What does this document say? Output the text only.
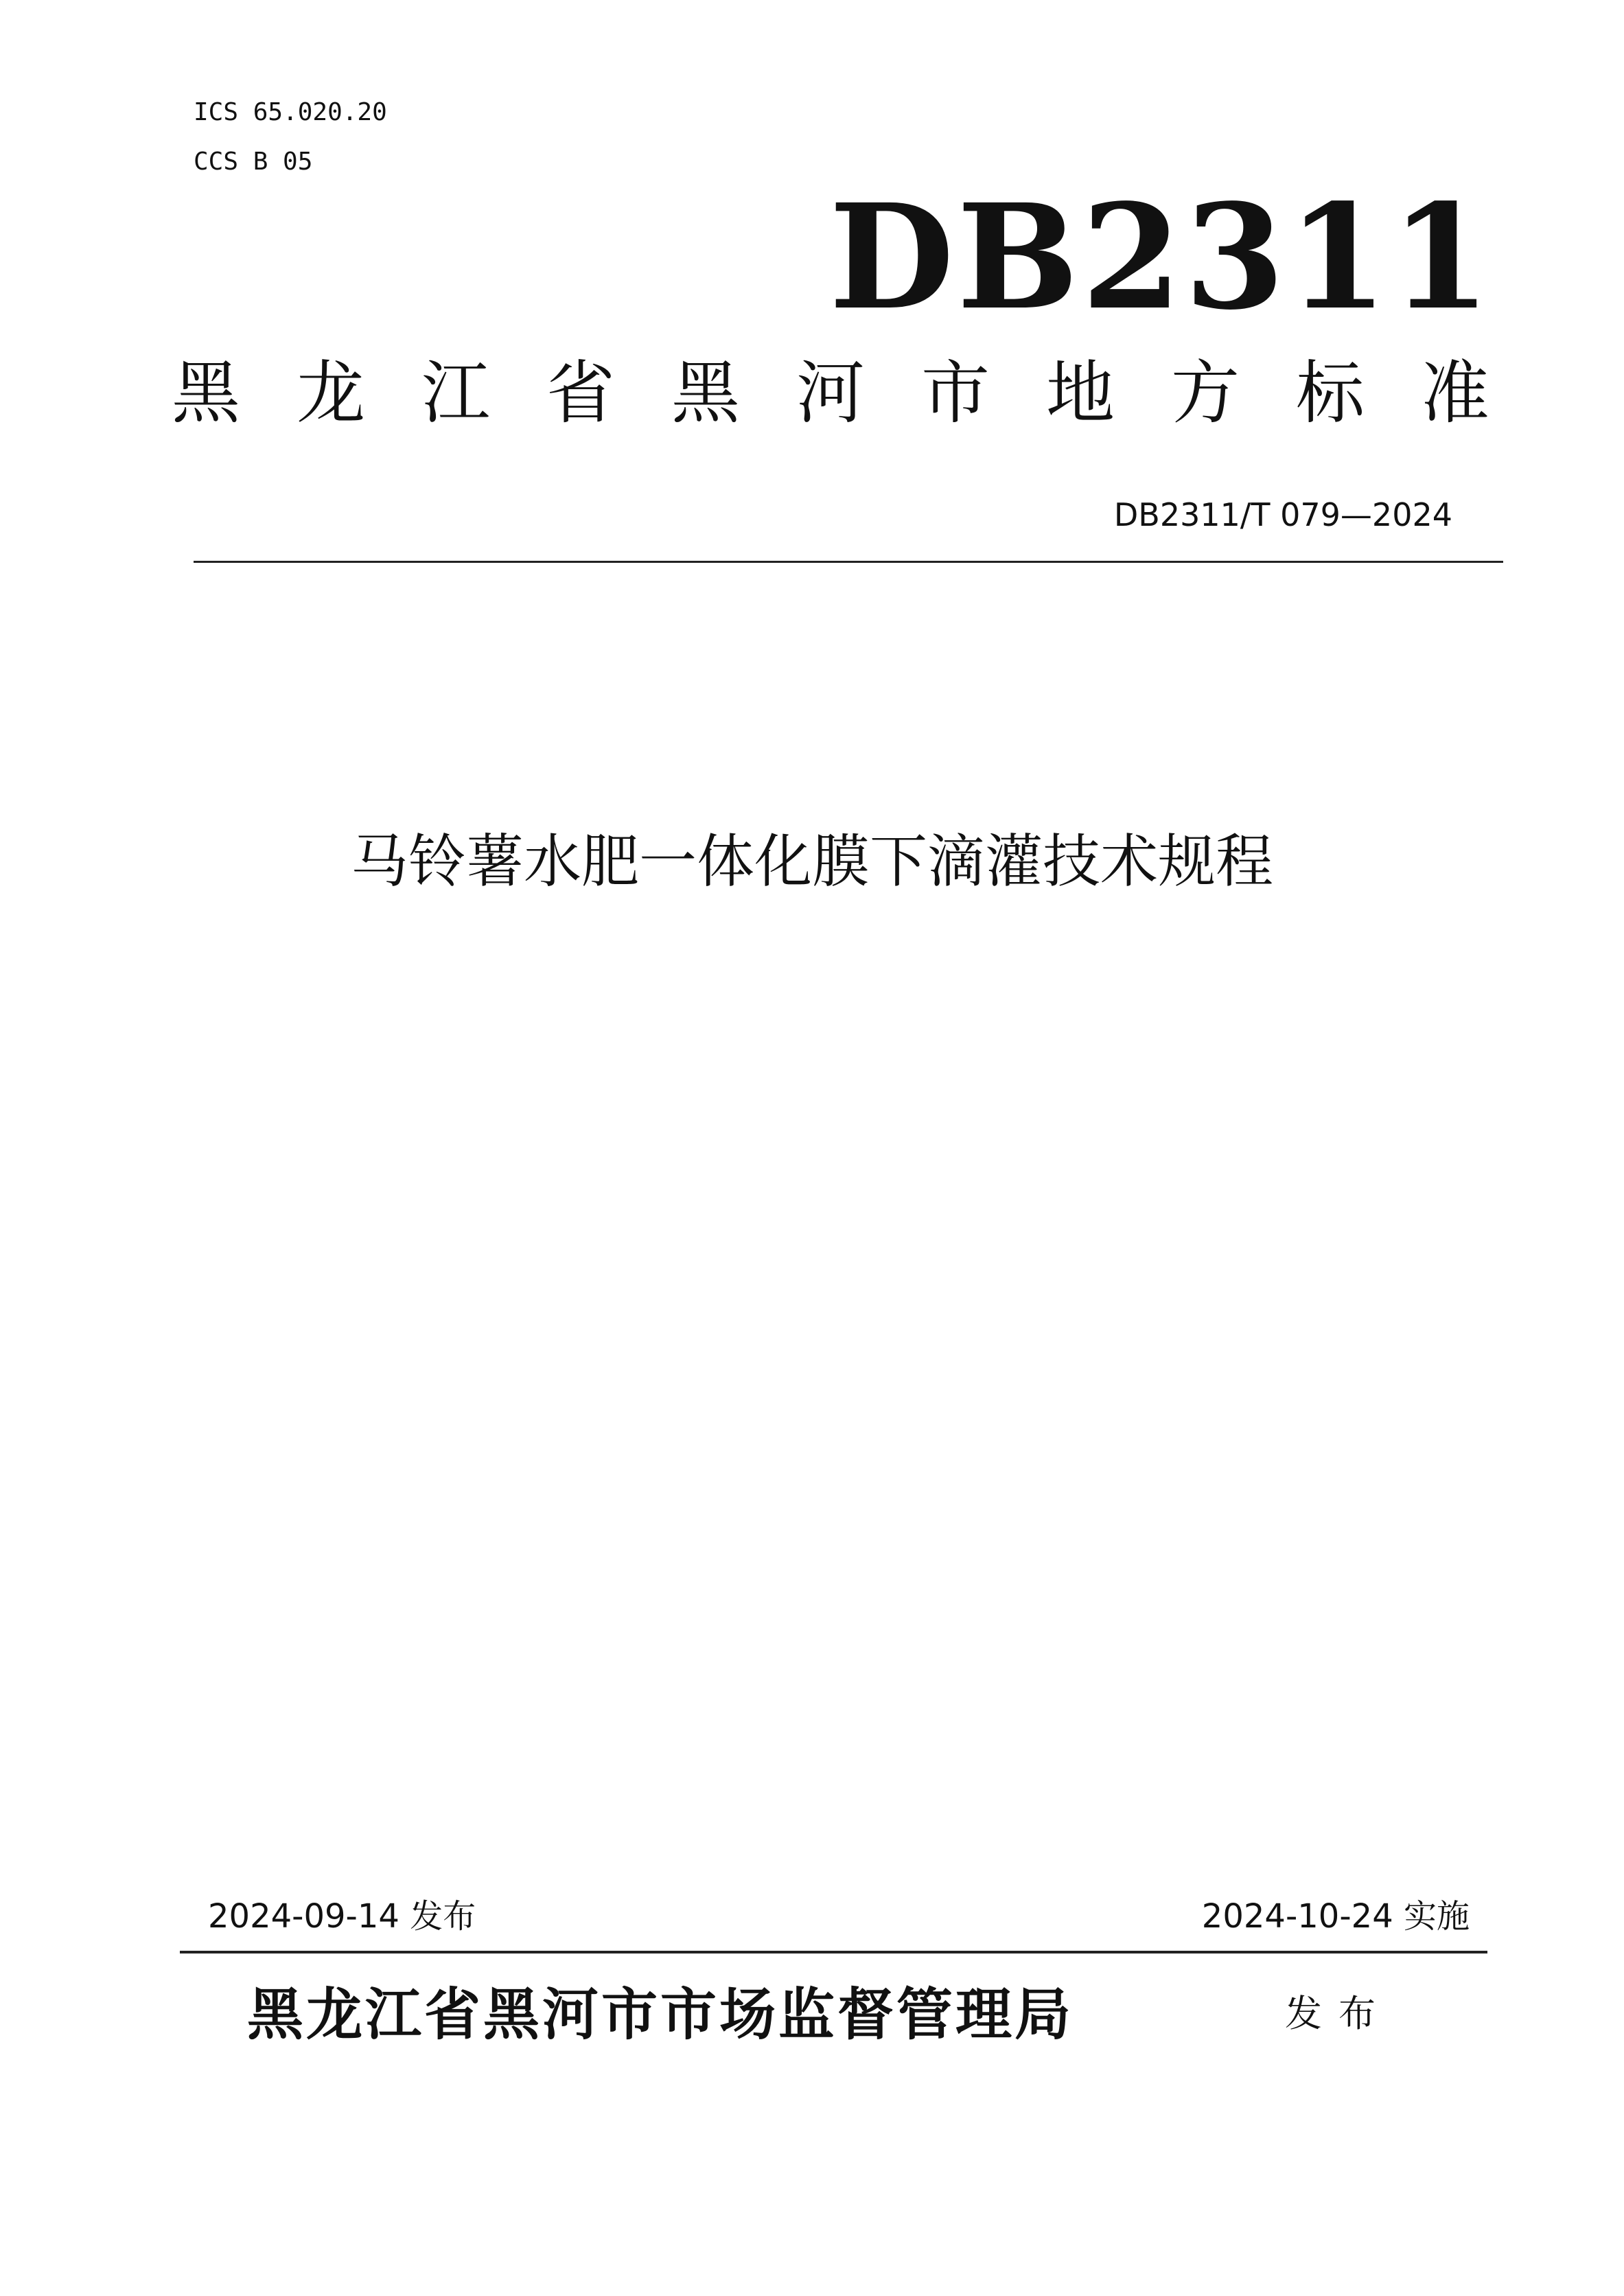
ICS 65.020.20
CCS B 05
DB2311
黑 龙 江 省 黑 河 市 地 方 标 准
DB2311/T 079—2024
马铃薯水肥一体化膜下滴灌技术规程
2024-09-14 发布	2024-10-24 实施
黑龙江省黑河市市场监督管理局	发布
